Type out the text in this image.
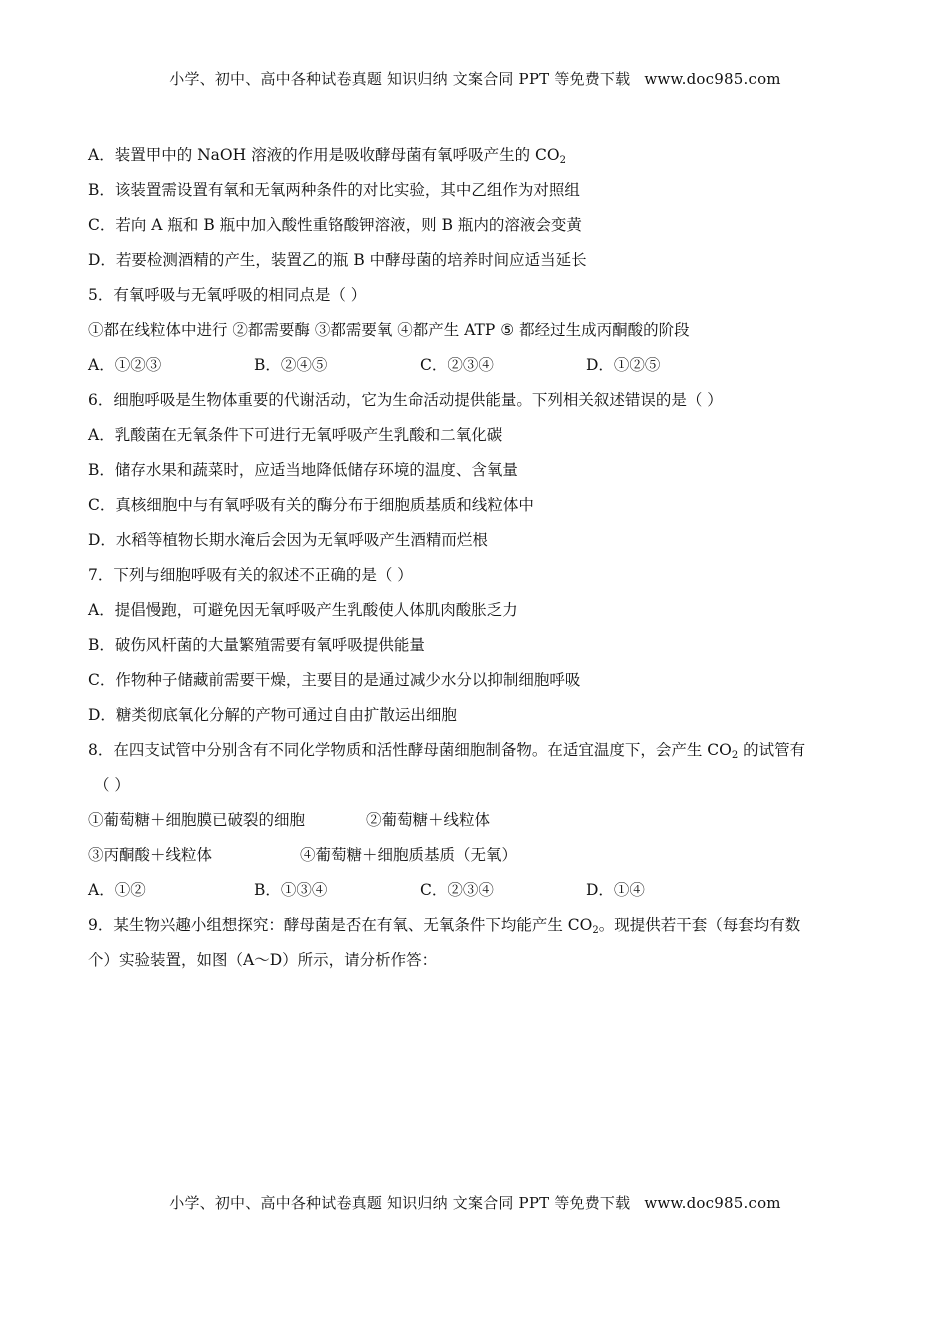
小学、初中、高中各种试卷真题 知识归纳 文案合同 PPT 等免费下载 www.doc985.com
A．装置甲中的 NaOH 溶液的作用是吸收酵母菌有氧呼吸产生的 $CO_2$
B．该装置需设置有氧和无氧两种条件的对比实验，其中乙组作为对照组
C．若向 A 瓶和 B 瓶中加入酸性重铬酸钾溶液，则 B 瓶内的溶液会变黄
D．若要检测酒精的产生，装置乙的瓶 B 中酵母菌的培养时间应适当延长
5．有氧呼吸与无氧呼吸的相同点是（ ）
①都在线粒体中进行 ②都需要酶 ③都需要氧 ④都产生 ATP ⑤ 都经过生成丙酮酸的阶段
A．①②③	B．②④⑤	C．②③④	D．①②⑤
6．细胞呼吸是生物体重要的代谢活动，它为生命活动提供能量。下列相关叙述错误的是（ ）
A．乳酸菌在无氧条件下可进行无氧呼吸产生乳酸和二氧化碳
B．储存水果和蔬菜时，应适当地降低储存环境的温度、含氧量
C．真核细胞中与有氧呼吸有关的酶分布于细胞质基质和线粒体中
D．水稻等植物长期水淹后会因为无氧呼吸产生酒精而烂根
7．下列与细胞呼吸有关的叙述不正确的是（ ）
A．提倡慢跑，可避免因无氧呼吸产生乳酸使人体肌肉酸胀乏力
B．破伤风杆菌的大量繁殖需要有氧呼吸提供能量
C．作物种子储藏前需要干燥，主要目的是通过减少水分以抑制细胞呼吸
D．糖类彻底氧化分解的产物可通过自由扩散运出细胞
8．在四支试管中分别含有不同化学物质和活性酵母菌细胞制备物。在适宜温度下，会产生 $CO_2$ 的试管有
（ ）
①葡萄糖＋细胞膜已破裂的细胞	②葡萄糖＋线粒体
③丙酮酸＋线粒体	④葡萄糖＋细胞质基质（无氧）
A．①②	B．①③④	C．②③④	D．①④
9．某生物兴趣小组想探究：酵母菌是否在有氧、无氧条件下均能产生 $CO_2$。现提供若干套（每套均有数
个）实验装置，如图（A～D）所示，请分析作答：
小学、初中、高中各种试卷真题 知识归纳 文案合同 PPT 等免费下载 www.doc985.com
